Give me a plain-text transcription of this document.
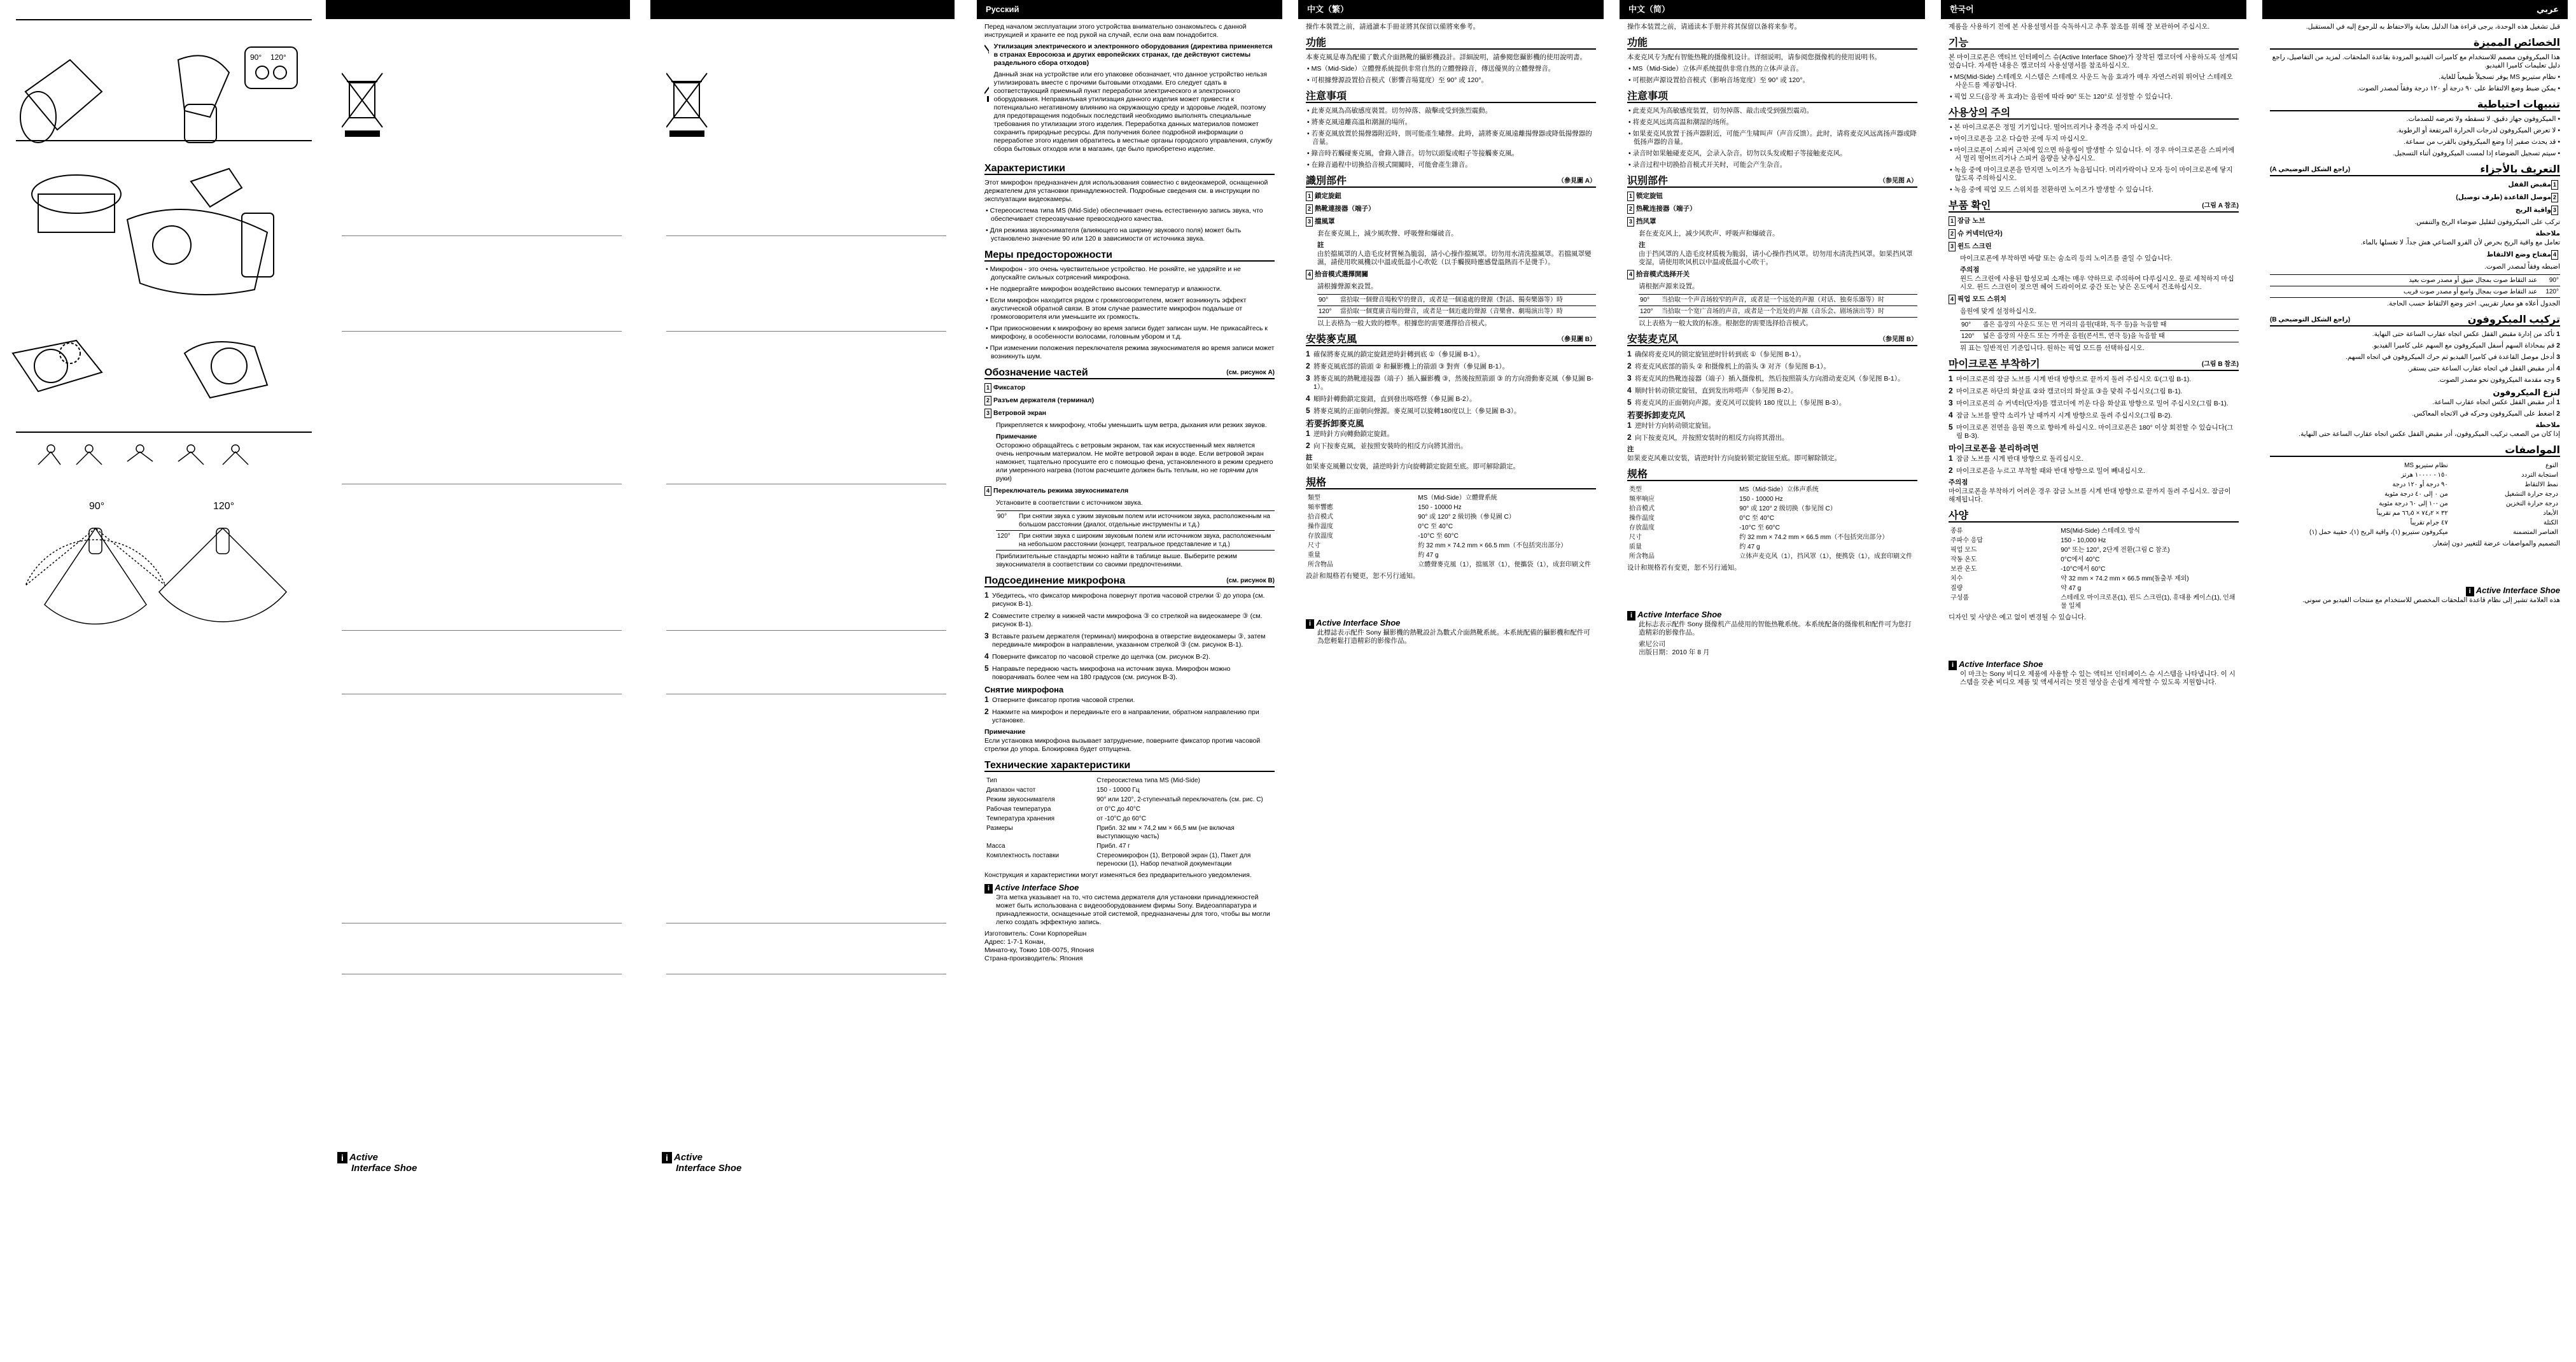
90° 120°
90°	120°
i Active
Interface Shoe
i Active
Interface Shoe
Русский

Перед началом эксплуатации этого устройства внимательно ознакомьтесь с данной инструкцией и храните ее под рукой на случай, если она вам понадобится.

Утилизация электрического и электронного оборудования (директива применяется в странах Евросоюза и других европейских странах, где действуют системы раздельного сбора отходов)

Данный знак на устройстве или его упаковке обозначает, что данное устройство нельзя утилизировать вместе с прочими бытовыми отходами. Его следует сдать в соответствующий приемный пункт переработки электрического и электронного оборудования. Неправильная утилизация данного изделия может привести к потенциально негативному влиянию на окружающую среду и здоровье людей, поэтому для предотвращения подобных последствий необходимо выполнять специальные требования по утилизации этого изделия. Переработка данных материалов поможет сохранить природные ресурсы. Для получения более подробной информации о переработке этого изделия обратитесь в местные органы городского управления, службу сбора бытовых отходов или в магазин, где было приобретено изделие.

Характеристики

Этот микрофон предназначен для использования совместно с видеокамерой, оснащенной держателем для установки принадлежностей. Подробные сведения см. в инструкции по эксплуатации видеокамеры.

• Стереосистема типа MS (Mid-Side) обеспечивает очень естественную запись звука, что обеспечивает стереозвучание превосходного качества.

• Для режима звукоснимателя (влияющего на ширину звукового поля) может быть установлено значение 90 или 120 в зависимости от источника звука.

Меры предосторожности

• Микрофон - это очень чувствительное устройство. Не роняйте, не ударяйте и не допускайте сильных сотрясений микрофона.

• Не подвергайте микрофон воздействию высоких температур и влажности.

• Если микрофон находится рядом с громкоговорителем, может возникнуть эффект акустической обратной связи. В этом случае разместите микрофон подальше от громкоговорителя или уменьшите их громкость.

• При прикосновении к микрофону во время записи будет записан шум. Не прикасайтесь к микрофону, в особенности волосами, головным убором и т.д.

• При изменении положения переключателя режима звукоснимателя во время записи может возникнуть шум.

Обозначение частей	(см. рисунок A)

1 Фиксатор

2 Разъем держателя (терминал)

3 Ветровой экран

Прикрепляется к микрофону, чтобы уменьшить шум ветра, дыхания или резких звуков.

Примечание

Осторожно обращайтесь с ветровым экраном, так как искусственный мех является очень непрочным материалом. Не мойте ветровой экран в воде. Если ветровой экран намокнет, тщательно просушите его с помощью фена, установленного в режим среднего или умеренного нагрева (потом расчешите должен быть теплым, но не горячим для руки)

4 Переключатель режима звукоснимателя

Установите в соответствии с источником звука.

90°	При снятии звука с узким звуковым полем или источником звука, расположенным на большом расстоянии (диалог, отдельные инструменты и т.д.)
120°	При снятии звука с широким звуковым полем или источником звука, расположенным на небольшом расстоянии (концерт, театральное представление и т.д.)

Приблизительные стандарты можно найти в таблице выше. Выберите режим звукоснимателя в соответствии со своими предпочтениями.

Подсоединение микрофона	(см. рисунок B)

1 Убедитесь, что фиксатор микрофона повернут против часовой стрелки ① до упора (см. рисунок B-1).

2 Совместите стрелку в нижней части микрофона ③ со стрелкой на видеокамере ③ (см. рисунок B-1).

3 Вставьте разъем держателя (терминал) микрофона в отверстие видеокамеры ③, затем передвиньте микрофон в направлении, указанном стрелкой ③ (см. рисунок B-1).

4 Поверните фиксатор по часовой стрелке до щелчка (см. рисунок B-2).

5 Направьте переднюю часть микрофона на источник звука. Микрофон можно поворачивать более чем на 180 градусов (см. рисунок B-3).

Снятие микрофона

1 Отверните фиксатор против часовой стрелки.

2 Нажмите на микрофон и передвиньте его в направлении, обратном направлению при установке.

Примечание

Если установка микрофона вызывает затруднение, поверните фиксатор против часовой стрелки до упора. Блокировка будет отпущена.

Технические характеристики
Тип	Стереосистема типа MS (Mid-Side)
Диапазон частот	150 - 10000 Гц
Режим звукоснимателя	90° или 120°, 2-ступенчатый переключатель (см. рис. C)
Рабочая температура	от 0°C до 40°C
Температура хранения	от -10°C до 60°C
Размеры	Прибл. 32 мм × 74,2 мм × 66,5 мм (не включая выступающую часть)
Масса	Прибл. 47 г
Комплектность поставки	Стереомикрофон (1), Ветровой экран (1), Пакет для переноски (1), Набор печатной документации

Конструкция и характеристики могут изменяться без предварительного уведомления.

i Active Interface Shoe

Эта метка указывает на то, что система держателя для установки принадлежностей может быть использована с видеооборудованием фирмы Sony. Видеоаппаратура и принадлежности, оснащенные этой системой, предназначены для того, чтобы вы могли легко создать эффектную запись.

Изготовитель: Сони Корпорейшн

Адрес: 1-7-1 Конан,

Минато-ку, Токио 108-0075, Япония

Страна-производитель: Япония

中文（繁）

操作本裝置之前，請通讀本手冊並將其保留以備將來參考。

功能

本麥克風是專為配備了數式介面熱靴的攝影機設計。詳細說明，請參閱您攝影機的使用說明書。

• MS（Mid-Side）立體聲系統提供非常自然的立體聲錄音，傳送優異的立體聲聲音。

• 可根據聲源設置拾音模式（影響音場寬度）至 90° 或 120°。

注意事項

• 此麥克風為高敏感度裝置。切勿掉落、敲擊或受到強烈震動。

• 將麥克風遠離高溫和潮濕的場所。

• 若麥克風放置於揚聲器附近時，則可能產生嘯聲。此時，請將麥克風遠離揚聲器或降低揚聲器的音量。

• 錄音時若觸碰麥克風，會錄入雜音。切勿以頭髮或帽子等接觸麥克風。

• 在錄音過程中切換拾音模式開關時，可能會產生雜音。

識別部件	（參見圖 A）

1 鎖定旋鈕

2 熱靴連接器（端子）

3 擋風罩

套在麥克風上，減少風吹聲、呼吸聲和爆破音。

註

由於擋風罩的人造毛皮材質極為脆弱，請小心操作擋風罩。切勿用水清洗擋風罩。若擋風罩變濕，請使用吹風機以中溫或低溫小心吹乾（以手觸摸時應感覺溫熱而不是燙手）。

4 拾音模式選擇開關

請根據聲源來設置。

90°	當拾取一個聲音場較窄的聲音，或者是一個遠處的聲源（對話、獨奏樂器等）時
120°	當拾取一個寬廣音場的聲音，或者是一個近處的聲源（音樂會、劇場演出等）時

以上表格為一般大致的標準。根據您的需要選擇拾音模式。

安裝麥克風	（參見圖 B）

1 確保將麥克風的鎖定旋鈕逆時針轉到底 ①（參見圖 B-1）。

2 將麥克風底部的箭頭 ② 和攝影機上的箭頭 ③ 對齊（參見圖 B-1）。

3 將麥克風的熱靴連接器（端子）插入攝影機 ③，然後按照箭頭 ③ 的方向滑動麥克風（參見圖 B-1）。

4 順時針轉動鎖定旋鈕，直到發出喀嗒聲（參見圖 B-2）。

5 將麥克風的正面朝向聲源。麥克風可以旋轉180度以上（參見圖 B-3）。

若要拆卸麥克風

1 逆時針方向轉動鎖定旋鈕。

2 向下按麥克風，並按照安裝時的相反方向將其滑出。

註

如果麥克風難以安裝，請逆時針方向旋轉鎖定旋鈕至底。即可解除鎖定。

規格
類型	MS（Mid-Side）立體聲系統
頻率響應	150 - 10000 Hz
拾音模式	90° 或 120° 2 級切換（參見圖 C）
操作溫度	0°C 至 40°C
存放溫度	-10°C 至 60°C
尺寸	約 32 mm × 74.2 mm × 66.5 mm（不包括突出部分）
重量	約 47 g
所含物品	立體聲麥克風（1），擋風罩（1），便攜袋（1），成套印刷文件

設計和規格若有變更，恕不另行通知。

i Active Interface Shoe

此標誌表示配件 Sony 攝影機的熱靴設計為數式介面熱靴系統。本系統配備的攝影機和配件可為您輕鬆打造精彩的影像作品。

中文（简）

操作本装置之前，请通读本手册并将其保留以备将来参考。

功能

本麦克风专为配有智能热靴的摄像机设计。详细说明，请参阅您摄像机的使用说明书。

• MS（Mid-Side）立体声系统提供非常自然的立体声录音。

• 可根据声源设置拾音模式（影响音场宽度）至 90° 或 120°。

注意事项

• 此麦克风为高敏感度装置，切勿掉落、敲击或受到强烈震动。

• 将麦克风远离高温和潮湿的场所。

• 如果麦克风放置于扬声器附近，可能产生啸叫声（声音反馈）。此时，请将麦克风远离扬声器或降低扬声器的音量。

• 录音时如果触碰麦克风，会录入杂音。切勿以头发或帽子等接触麦克风。

• 录音过程中切换拾音模式开关时，可能会产生杂音。

识别部件	（参见图 A）

1 锁定旋钮

2 热靴连接器（端子）

3 挡风罩

套在麦克风上，减少风吹声、呼吸声和爆破音。

注

由于挡风罩的人造毛皮材质极为脆弱，请小心操作挡风罩。切勿用水清洗挡风罩。如果挡风罩变湿，请使用吹风机以中温或低温小心吹干。

4 拾音模式选择开关

请根据声源来设置。

90°	当拾取一个声音场较窄的声音，或者是一个远处的声源（对话、独奏乐器等）时
120°	当拾取一个宽广音场的声音，或者是一个近处的声源（音乐会、剧场演出等）时

以上表格为一般大致的标准。根据您的需要选择拾音模式。

安装麦克风	（参见图 B）

1 确保将麦克风的锁定旋钮逆时针转到底 ①（参见图 B-1）。

2 将麦克风底部的箭头 ② 和摄像机上的箭头 ③ 对齐（参见图 B-1）。

3 将麦克风的热靴连接器（端子）插入摄像机，然后按照箭头方向滑动麦克风（参见图 B-1）。

4 顺时针转动锁定旋钮，直到发出咔嗒声（参见图 B-2）。

5 将麦克风的正面朝向声源。麦克风可以旋转 180 度以上（参见图 B-3）。

若要拆卸麦克风

1 逆时针方向转动锁定旋钮。

2 向下按麦克风，并按照安装时的相反方向将其滑出。

注

如果麦克风难以安装，请逆时针方向旋转锁定旋钮至底。即可解除锁定。

规格
类型	MS（Mid-Side）立体声系统
频率响应	150 - 10000 Hz
拾音模式	90° 或 120° 2 级切换（参见图 C）
操作温度	0°C 至 40°C
存放温度	-10°C 至 60°C
尺寸	约 32 mm × 74.2 mm × 66.5 mm（不包括突出部分）
质量	约 47 g
所含物品	立体声麦克风（1），挡风罩（1），便携袋（1），成套印刷文件

设计和规格若有变更，恕不另行通知。

i Active Interface Shoe

此标志表示配件 Sony 摄像机产品使用的智能热靴系统。本系统配备的摄像机和配件可为您打造精彩的影像作品。

索尼公司

出版日期：2010 年 8 月

한국어

제품을 사용하기 전에 본 사용설명서를 숙독하시고 추후 참조를 위해 잘 보관하여 주십시오.

기능

본 마이크로폰은 액티브 인터페이스 슈(Active Interface Shoe)가 장착된 캠코더에 사용하도록 설계되었습니다. 자세한 내용은 캠코더의 사용설명서를 참조하십시오.

• MS(Mid-Side) 스테레오 시스템은 스테레오 사운드 녹음 효과가 매우 자연스러워 뛰어난 스테레오 사운드를 제공합니다.

• 픽업 모드(음장 폭 효과)는 음원에 따라 90° 또는 120°로 설정할 수 있습니다.

사용상의 주의

• 본 마이크로폰은 정밀 기기입니다. 떨어뜨리거나 충격을 주지 마십시오.

• 마이크로폰을 고온 다습한 곳에 두지 마십시오.

• 마이크로폰이 스피커 근처에 있으면 하울링이 발생할 수 있습니다. 이 경우 마이크로폰을 스피커에서 멀리 떨어뜨리거나 스피커 음량을 낮추십시오.

• 녹음 중에 마이크로폰을 만지면 노이즈가 녹음됩니다. 머리카락이나 모자 등이 마이크로폰에 닿지 않도록 주의하십시오.

• 녹음 중에 픽업 모드 스위치를 전환하면 노이즈가 발생할 수 있습니다.

부품 확인	(그림 A 참조)

1 잠금 노브

2 슈 커넥터(단자)

3 윈드 스크린

마이크로폰에 부착하면 바람 또는 숨소리 등의 노이즈를 줄일 수 있습니다.

주의점

윈드 스크린에 사용된 합성모피 소재는 매우 약하므로 주의하여 다루십시오. 물로 세척하지 마십시오. 윈드 스크린이 젖으면 헤어 드라이어로 중간 또는 낮은 온도에서 건조하십시오.

4 픽업 모드 스위치

음원에 맞게 설정하십시오.

90°	좁은 음장의 사운드 또는 먼 거리의 음원(대화, 독주 등)을 녹음할 때
120°	넓은 음장의 사운드 또는 가까운 음원(콘서트, 연극 등)을 녹음할 때

위 표는 일반적인 기준입니다. 원하는 픽업 모드를 선택하십시오.

마이크로폰 부착하기	(그림 B 참조)

1 마이크로폰의 잠금 노브를 시계 반대 방향으로 끝까지 돌려 주십시오 ①(그림 B-1).

2 마이크로폰 하단의 화살표 ②와 캠코더의 화살표 ③을 맞춰 주십시오(그림 B-1).

3 마이크로폰의 슈 커넥터(단자)를 캠코더에 끼운 다음 화살표 방향으로 밀어 주십시오(그림 B-1).

4 잠금 노브를 딸깍 소리가 날 때까지 시계 방향으로 돌려 주십시오(그림 B-2).

5 마이크로폰 전면을 음원 쪽으로 향하게 하십시오. 마이크로폰은 180° 이상 회전할 수 있습니다(그림 B-3).

마이크로폰을 분리하려면

1 잠금 노브를 시계 반대 방향으로 돌리십시오.

2 마이크로폰을 누르고 부착할 때와 반대 방향으로 밀어 빼내십시오.

주의점

마이크로폰을 부착하기 어려운 경우 잠금 노브를 시계 반대 방향으로 끝까지 돌려 주십시오. 잠금이 해제됩니다.

사양
종류	MS(Mid-Side) 스테레오 방식
주파수 응답	150 - 10,000 Hz
픽업 모드	90° 또는 120°, 2단계 전환(그림 C 참조)
작동 온도	0°C에서 40°C
보관 온도	-10°C에서 60°C
치수	약 32 mm × 74.2 mm × 66.5 mm(돌출부 제외)
질량	약 47 g
구성품	스테레오 마이크로폰(1), 윈드 스크린(1), 휴대용 케이스(1), 인쇄물 일체

디자인 및 사양은 예고 없이 변경될 수 있습니다.

i Active Interface Shoe

이 마크는 Sony 비디오 제품에 사용할 수 있는 액티브 인터페이스 슈 시스템을 나타냅니다. 이 시스템을 갖춘 비디오 제품 및 액세서리는 멋진 영상을 손쉽게 제작할 수 있도록 지원합니다.

عربي

قبل تشغيل هذه الوحدة، يرجى قراءة هذا الدليل بعناية والاحتفاظ به للرجوع إليه في المستقبل.

الخصائص المميزة

هذا الميكروفون مصمم للاستخدام مع كاميرات الفيديو المزودة بقاعدة الملحقات. لمزيد من التفاصيل، راجع دليل تعليمات كاميرا الفيديو.

• نظام ستيريو MS يوفر تسجيلاً طبيعياً للغاية.

• يمكن ضبط وضع الالتقاط على ٩٠ درجة أو ١٢٠ درجة وفقاً لمصدر الصوت.

تنبيهات احتياطية

• الميكروفون جهاز دقيق. لا تسقطه ولا تعرضه للصدمات.

• لا تعرض الميكروفون لدرجات الحرارة المرتفعة أو الرطوبة.

• قد يحدث صفير إذا وضع الميكروفون بالقرب من سماعة.

• سيتم تسجيل الضوضاء إذا لمست الميكروفون أثناء التسجيل.

التعريف بالأجزاء
(راجع الشكل التوضيحي A)

1مقبض القفل

2موصل القاعدة (طرف توصيل)

3واقية الريح

تركب على الميكروفون لتقليل ضوضاء الريح والتنفس.

ملاحظة

تعامل مع واقية الريح بحرص لأن الفرو الصناعي هش جداً. لا تغسلها بالماء.

4مفتاح وضع الالتقاط

اضبطه وفقاً لمصدر الصوت.

90°	عند التقاط صوت بمجال ضيق أو مصدر صوت بعيد
120°	عند التقاط صوت بمجال واسع أو مصدر صوت قريب

الجدول أعلاه هو معيار تقريبي. اختر وضع الالتقاط حسب الحاجة.

تركيب الميكروفون
(راجع الشكل التوضيحي B)

1 تأكد من إدارة مقبض القفل عكس اتجاه عقارب الساعة حتى النهاية.

2 قم بمحاذاة السهم أسفل الميكروفون مع السهم على كاميرا الفيديو.

3 أدخل موصل القاعدة في كاميرا الفيديو ثم حرك الميكروفون في اتجاه السهم.

4 أدر مقبض القفل في اتجاه عقارب الساعة حتى يستقر.

5 وجه مقدمة الميكروفون نحو مصدر الصوت.

لنزع الميكروفون

1 أدر مقبض القفل عكس اتجاه عقارب الساعة.

2 اضغط على الميكروفون وحركه في الاتجاه المعاكس.

ملاحظة

إذا كان من الصعب تركيب الميكروفون، أدر مقبض القفل عكس اتجاه عقارب الساعة حتى النهاية.

المواصفات
النوع	نظام ستيريو MS
استجابة التردد	١٥٠ - ١٠٠٠٠ هرتز
نمط الالتقاط	٩٠ درجة أو ١٢٠ درجة
درجة حرارة التشغيل	من ٠ إلى ٤٠ درجة مئوية
درجة حرارة التخزين	من -١٠ إلى ٦٠ درجة مئوية
الأبعاد	٣٢ × ٧٤٫٢ × ٦٦٫٥ مم تقريباً
الكتلة	٤٧ جرام تقريباً
العناصر المتضمنة	ميكروفون ستيريو (١)، واقية الريح (١)، حقيبة حمل (١)

التصميم والمواصفات عرضة للتغيير دون إشعار.

i Active Interface Shoe

هذه العلامة تشير إلى نظام قاعدة الملحقات المخصص للاستخدام مع منتجات الفيديو من سوني.
